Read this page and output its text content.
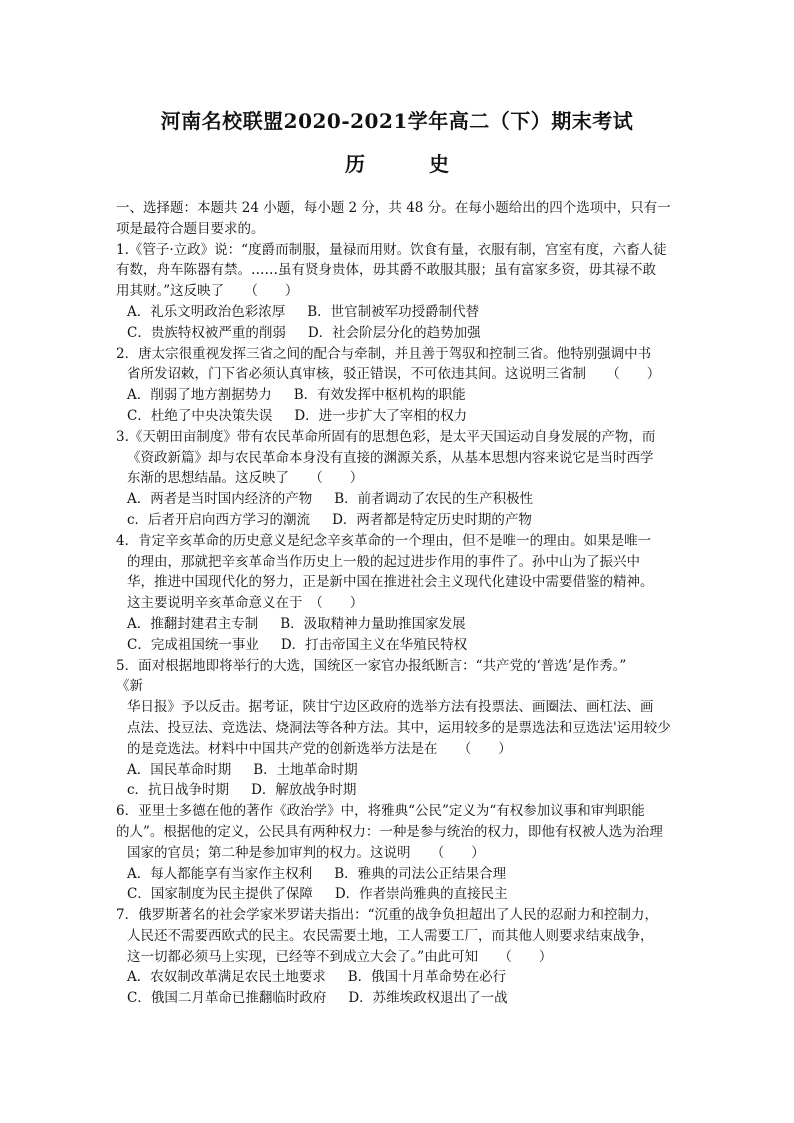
河南名校联盟2020-2021学年高二（下）期末考试
历　史
一、选择题：本题共 24 小题，每小题 2 分，共 48 分。在每小题给出的四个选项中，只有一
项是最符合题目要求的。
1.《管子·立政》说：“度爵而制服，量禄而用财。饮食有量，衣服有制，宫室有度，六畜人徒
有数，舟车陈器有禁。……虽有贤身贵体，毋其爵不敢服其服；虽有富家多资，毋其禄不敢
用其财。”这反映了　　（　　）
A．礼乐文明政治色彩浓厚 B．世官制被军功授爵制代替
C．贵族特权被严重的削弱 D．社会阶层分化的趋势加强
2．唐太宗很重视发挥三省之间的配合与牵制，并且善于驾驭和控制三省。他特别强调中书
省所发诏敕，门下省必须认真审核，驳正错误，不可依违其间。这说明三省制　　（　　）
A．削弱了地方割据势力 B．有效发挥中枢机构的职能
C．杜绝了中央决策失误 D．进一步扩大了宰相的权力
3.《天朝田亩制度》带有农民革命所固有的思想色彩，是太平天国运动自身发展的产物，而
《资政新篇》却与农民革命本身没有直接的渊源关系，从基本思想内容来说它是当时西学
东渐的思想结晶。这反映了　　（　　）
A．两者是当时国内经济的产物 B．前者调动了农民的生产积极性
c．后者开启向西方学习的潮流 D．两者都是特定历史时期的产物
4．肯定辛亥革命的历史意义是纪念辛亥革命的一个理由，但不是唯一的理由。如果是唯一
的理由，那就把辛亥革命当作历史上一般的起过进步作用的事件了。孙中山为了振兴中
华，推进中国现代化的努力，正是新中国在推进社会主义现代化建设中需要借鉴的精神。
这主要说明辛亥革命意义在于　（　　）
A．推翻封建君主专制 B．汲取精神力量助推国家发展
C．完成祖国统一事业 D．打击帝国主义在华殖民特权
5．面对根据地即将举行的大选，国统区一家官办报纸断言：“共产党的‘普选’是作秀。”
《新
华日报》予以反击。据考证，陕甘宁边区政府的选举方法有投票法、画圈法、画杠法、画
点法、投豆法、竞选法、烧洞法等各种方法。其中，运用较多的是票选法和豆选法'运用较少
的是竞选法。材料中中国共产党的创新选举方法是在　　（　　）
A．国民革命时期 B．土地革命时期
c．抗日战争时期 D．解放战争时期
6．亚里士多德在他的著作《政治学》中，将雅典“公民”定义为“有权参加议事和审判职能
的人”。根据他的定义，公民具有两种权力：一种是参与统治的权力，即他有权被人选为治理
国家的官员；第二种是参加审判的权力。这说明　　（　　）
A．每人都能享有当家作主权利 B．雅典的司法公正结果合理
C．国家制度为民主提供了保障 D．作者崇尚雅典的直接民主
7．俄罗斯著名的社会学家米罗诺夫指出：“沉重的战争负担超出了人民的忍耐力和控制力，
人民还不需要西欧式的民主。农民需要土地，工人需要工厂，而其他人则要求结束战争，
这一切都必须马上实现，已经等不到成立大会了。”由此可知　　（　　）
A．农奴制改革满足农民土地要求 B．俄国十月革命势在必行
C．俄国二月革命已推翻临时政府 D．苏维埃政权退出了一战
